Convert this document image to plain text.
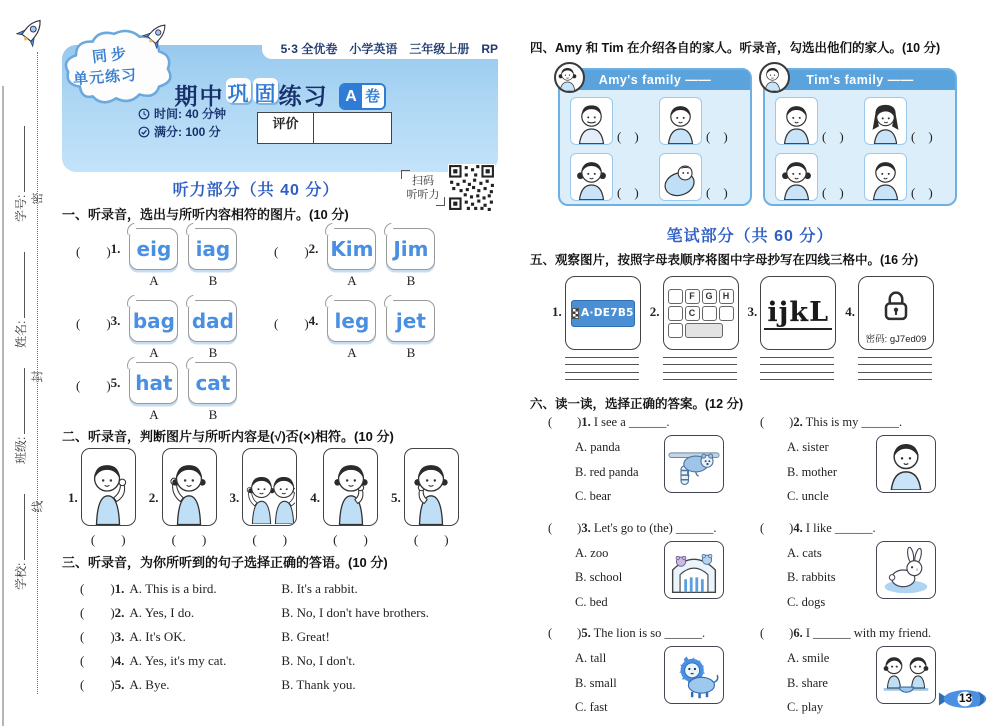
学号:
姓名:
班级:
学校:
密
封
线
5·3 全优卷　小学英语　三年级上册　RP
同步
单元练习
期中 巩 固 练习 A 卷
时间: 40 分钟
满分: 100 分	评价
听力部分（共 40 分）
扫码
听听力
一、听录音，选出与所听内容相符的图片。(10 分)
(　　) 1. eig
A
iag
B
(　　) 2. Kim
A
Jim
B
(　　) 3. bag
A
dad
B
(　　) 4. leg
A
jet
B
(　　) 5. hat
A
cat
B
二、听录音，判断图片与所听内容是(√)否(×)相符。(10 分)
1.
(　　)
2.
(　　)
3.
(　　)
4.
(　　)
5.
(　　)
三、听录音，为你所听到的句子选择正确的答语。(10 分)
(　　)1. A. This is a bird.	B. It's a rabbit.
(　　)2. A. Yes, I do.	B. No, I don't have brothers.
(　　)3. A. It's OK.	B. Great!
(　　)4. A. Yes, it's my cat.	B. No, I don't.
(　　)5. A. Bye.	B. Thank you.
四、Amy 和 Tim 在介绍各自的家人。听录音，勾选出他们的家人。(10 分)
Amy's family ——
(　)	(　)
(　)	(　)
Tim's family ——
(　)	(　)
(　)	(　)
笔试部分（共 60 分）
五、观察图片，按照字母表顺序将图中字母抄写在四线三格中。(16 分)
1. A·DE7B5 2.
F	G	H
C	3. ijkL 4.
密码: gJ7ed09
六、读一读，选择正确的答案。(12 分)
(　　)1. I see a ______.
A. panda
B. red panda
C. bear
(　　)2. This is my ______.
A. sister
B. mother
C. uncle
(　　)3. Let's go to (the) ______.
A. zoo
B. school
C. bed
(　　)4. I like ______.
A. cats
B. rabbits
C. dogs
(　　)5. The lion is so ______.
A. tall
B. small
C. fast
(　　)6. I ______ with my friend.
A. smile
B. share
C. play
13
